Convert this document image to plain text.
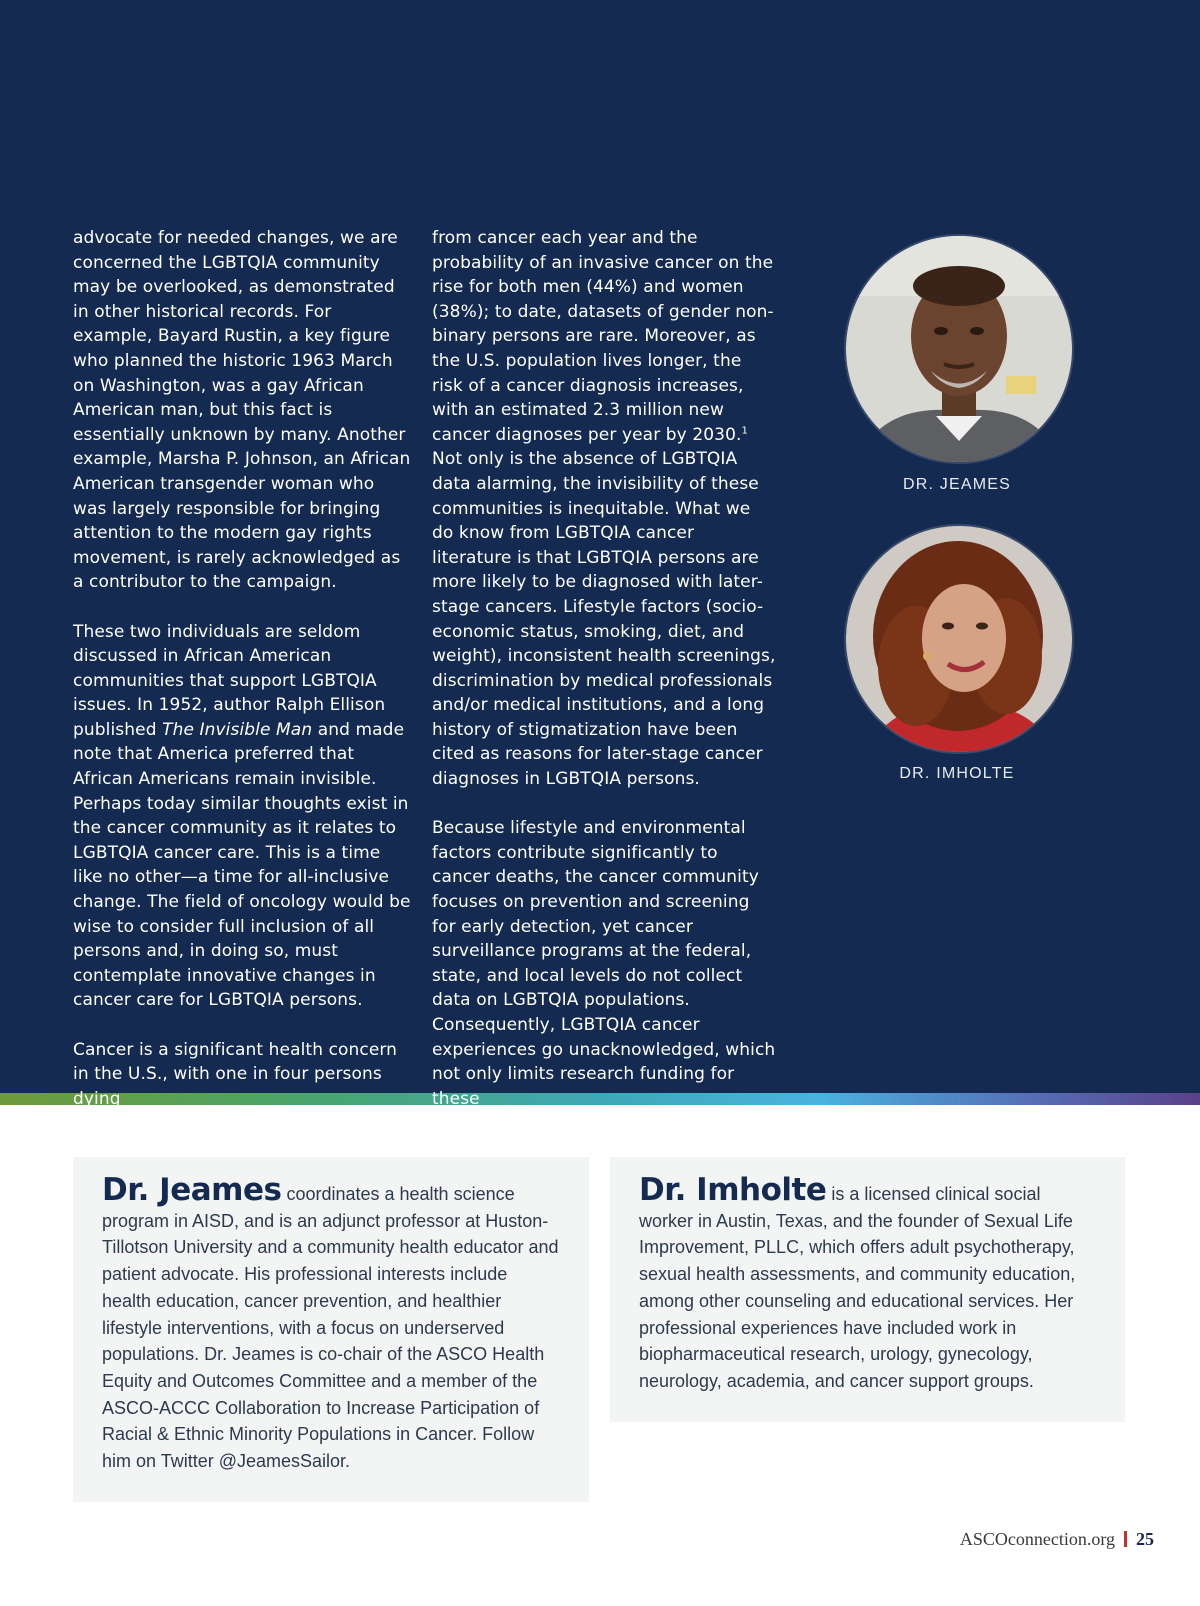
advocate for needed changes, we are concerned the LGBTQIA community may be overlooked, as demonstrated in other historical records. For example, Bayard Rustin, a key figure who planned the historic 1963 March on Washington, was a gay African American man, but this fact is essentially unknown by many. Another example, Marsha P. Johnson, an African American transgender woman who was largely responsible for bringing attention to the modern gay rights movement, is rarely acknowledged as a contributor to the campaign.

These two individuals are seldom discussed in African American communities that support LGBTQIA issues. In 1952, author Ralph Ellison published The Invisible Man and made note that America preferred that African Americans remain invisible. Perhaps today similar thoughts exist in the cancer community as it relates to LGBTQIA cancer care. This is a time like no other—a time for all-inclusive change. The field of oncology would be wise to consider full inclusion of all persons and, in doing so, must contemplate innovative changes in cancer care for LGBTQIA persons.

Cancer is a significant health concern in the U.S., with one in four persons dying

from cancer each year and the probability of an invasive cancer on the rise for both men (44%) and women (38%); to date, datasets of gender non-binary persons are rare. Moreover, as the U.S. population lives longer, the risk of a cancer diagnosis increases, with an estimated 2.3 million new cancer diagnoses per year by 2030.$^1$ Not only is the absence of LGBTQIA data alarming, the invisibility of these communities is inequitable. What we do know from LGBTQIA cancer literature is that LGBTQIA persons are more likely to be diagnosed with later-stage cancers. Lifestyle factors (socio-economic status, smoking, diet, and weight), inconsistent health screenings, discrimination by medical professionals and/or medical institutions, and a long history of stigmatization have been cited as reasons for later-stage cancer diagnoses in LGBTQIA persons.

Because lifestyle and environmental factors contribute significantly to cancer deaths, the cancer community focuses on prevention and screening for early detection, yet cancer surveillance programs at the federal, state, and local levels do not collect data on LGBTQIA populations. Consequently, LGBTQIA cancer experiences go unacknowledged, which not only limits research funding for these

DR. JEAMES
DR. IMHOLTE
Dr. Jeames coordinates a health science program in AISD, and is an adjunct professor at Huston-Tillotson University and a community health educator and patient advocate. His professional interests include health education, cancer prevention, and healthier lifestyle interventions, with a focus on underserved populations. Dr. Jeames is co-chair of the ASCO Health Equity and Outcomes Committee and a member of the ASCO-ACCC Collaboration to Increase Participation of Racial & Ethnic Minority Populations in Cancer. Follow him on Twitter @JeamesSailor.
Dr. Imholte is a licensed clinical social worker in Austin, Texas, and the founder of Sexual Life Improvement, PLLC, which offers adult psychotherapy, sexual health assessments, and community education, among other counseling and educational services. Her professional experiences have included work in biopharmaceutical research, urology, gynecology, neurology, academia, and cancer support groups.
ASCOconnection.org 25
